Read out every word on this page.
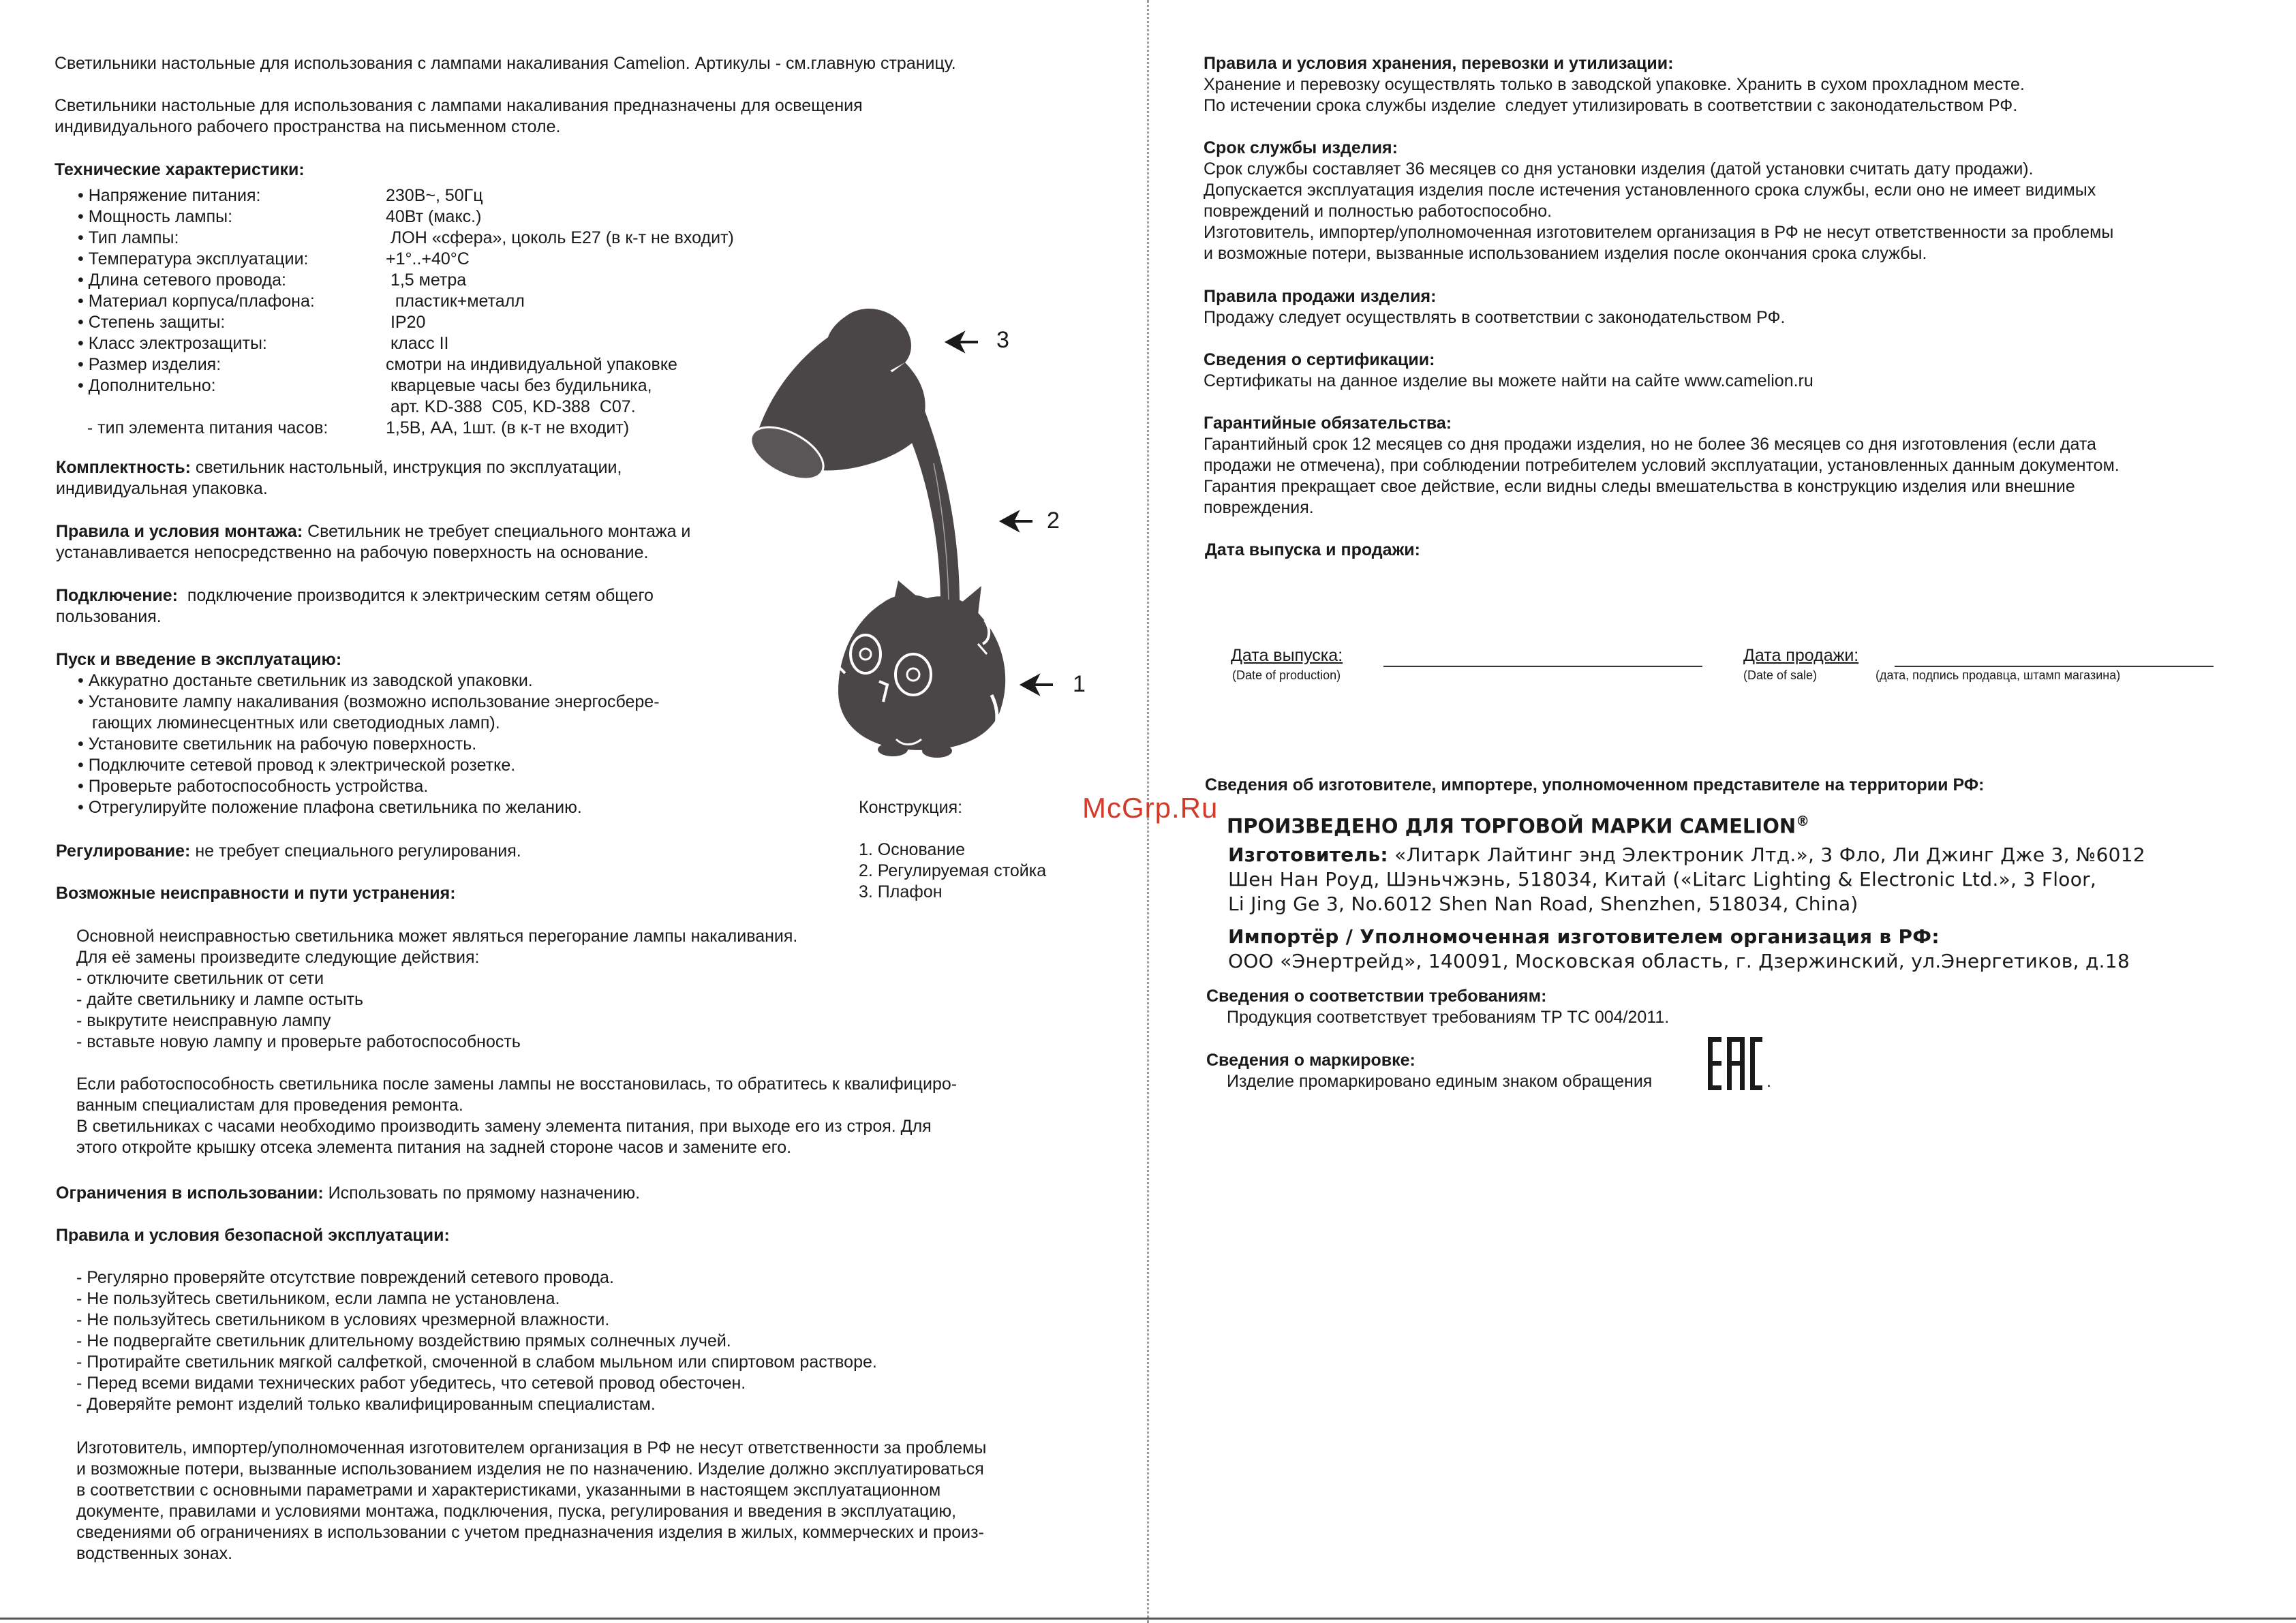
Светильники настольные для использования с лампами накаливания Camelion. Артикулы - см.главную страницу.
Светильники настольные для использования с лампами накаливания предназначены для освещения
индивидуального рабочего пространства на письменном столе.
Технические характеристики:
• Напряжение питания:	230В~, 50Гц
• Мощность лампы:	40Вт (макс.)
• Тип лампы:	ЛОН «сфера», цоколь Е27 (в к-т не входит)
• Температура эксплуатации:	+1°..+40°С
• Длина сетевого провода:	1,5 метра
• Материал корпуса/плафона:	пластик+металл
• Степень защиты:	IP20
• Класс электрозащиты:	класс II
• Размер изделия:	смотри на индивидуальной упаковке
• Дополнительно:	кварцевые часы без будильника,
арт. KD-388  C05, KD-388  C07.
- тип элемента питания часов:	1,5В, АА, 1шт. (в к-т не входит)
Комплектность: светильник настольный, инструкция по эксплуатации,
индивидуальная упаковка.
Правила и условия монтажа: Светильник не требует специального монтажа и
устанавливается непосредственно на рабочую поверхность на основание.
Подключение:  подключение производится к электрическим сетям общего
пользования.
Пуск и введение в эксплуатацию:
• Аккуратно достаньте светильник из заводской упаковки.
• Установите лампу накаливания (возможно использование энергосбере-
гающих люминесцентных или светодиодных ламп).
• Установите светильник на рабочую поверхность.
• Подключите сетевой провод к электрической розетке.
• Проверьте работоспособность устройства.
• Отрегулируйте положение плафона светильника по желанию.
Регулирование: не требует специального регулирования.
Возможные неисправности и пути устранения:
Основной неисправностью светильника может являться перегорание лампы накаливания.
Для её замены произведите следующие действия:
- отключите светильник от сети
- дайте светильнику и лампе остыть
- выкрутите неисправную лампу
- вставьте новую лампу и проверьте работоспособность

Если работоспособность светильника после замены лампы не восстановилась, то обратитесь к квалифициро-
ванным специалистам для проведения ремонта.
В светильниках с часами необходимо производить замену элемента питания, при выходе его из строя. Для
этого откройте крышку отсека элемента питания на задней стороне часов и замените его.
Ограничения в использовании: Использовать по прямому назначению.
Правила и условия безопасной эксплуатации:
- Регулярно проверяйте отсутствие повреждений сетевого провода.
- Не пользуйтесь светильником, если лампа не установлена.
- Не пользуйтесь светильником в условиях чрезмерной влажности.
- Не подвергайте светильник длительному воздействию прямых солнечных лучей.
- Протирайте светильник мягкой салфеткой, смоченной в слабом мыльном или спиртовом растворе.
- Перед всеми видами технических работ убедитесь, что сетевой провод обесточен.
- Доверяйте ремонт изделий только квалифицированным специалистам.
Изготовитель, импортер/уполномоченная изготовителем организация в РФ не несут ответственности за проблемы
и возможные потери, вызванные использованием изделия не по назначению. Изделие должно эксплуатироваться
в соответствии с основными параметрами и характеристиками, указанными в настоящем эксплуатационном
документе, правилами и условиями монтажа, подключения, пуска, регулирования и введения в эксплуатацию,
сведениями об ограничениях в использовании с учетом предназначения изделия в жилых, коммерческих и произ-
водственных зонах.
3
2
1
Конструкция:
1. Основание
2. Регулируемая стойка
3. Плафон
McGrp.Ru
Правила и условия хранения, перевозки и утилизации:
Хранение и перевозку осуществлять только в заводской упаковке. Хранить в сухом прохладном месте.
По истечении срока службы изделие  следует утилизировать в соответствии с законодательством РФ.
Срок службы изделия:
Срок службы составляет 36 месяцев со дня установки изделия (датой установки считать дату продажи).
Допускается эксплуатация изделия после истечения установленного срока службы, если оно не имеет видимых
повреждений и полностью работоспособно.
Изготовитель, импортер/уполномоченная изготовителем организация в РФ не несут ответственности за проблемы
и возможные потери, вызванные использованием изделия после окончания срока службы.
Правила продажи изделия:
Продажу следует осуществлять в соответствии с законодательством РФ.
Сведения о сертификации:
Сертификаты на данное изделие вы можете найти на сайте www.camelion.ru
Гарантийные обязательства:
Гарантийный срок 12 месяцев со дня продажи изделия, но не более 36 месяцев со дня изготовления (если дата
продажи не отмечена), при соблюдении потребителем условий эксплуатации, установленных данным документом.
Гарантия прекращает свое действие, если видны следы вмешательства в конструкцию изделия или внешние
повреждения.
Дата выпуска и продажи:
Дата выпуска:
(Date of production)
Дата продажи:
(Date of sale)	(дата, подпись продавца, штамп магазина)
Сведения об изготовителе, импортере, уполномоченном представителе на территории РФ:
ПРОИЗВЕДЕНО ДЛЯ ТОРГОВОЙ МАРКИ CAMELION®
Изготовитель: «Литарк Лайтинг энд Электроник Лтд.», 3 Фло, Ли Джинг Дже 3, №6012
Шен Нан Роуд, Шэньчжэнь, 518034, Китай («Litarc Lighting & Electronic Ltd.», 3 Floor,
Li Jing Ge 3, No.6012 Shen Nan Road, Shenzhen, 518034, China)
Импортёр / Уполномоченная изготовителем организация в РФ:
ООО «Энертрейд», 140091, Московская область, г. Дзержинский, ул.Энергетиков, д.18
Сведения о соответствии требованиям:
Продукция соответствует требованиям ТР ТС 004/2011.
Сведения о маркировке:
Изделие промаркировано единым знаком обращения	.
